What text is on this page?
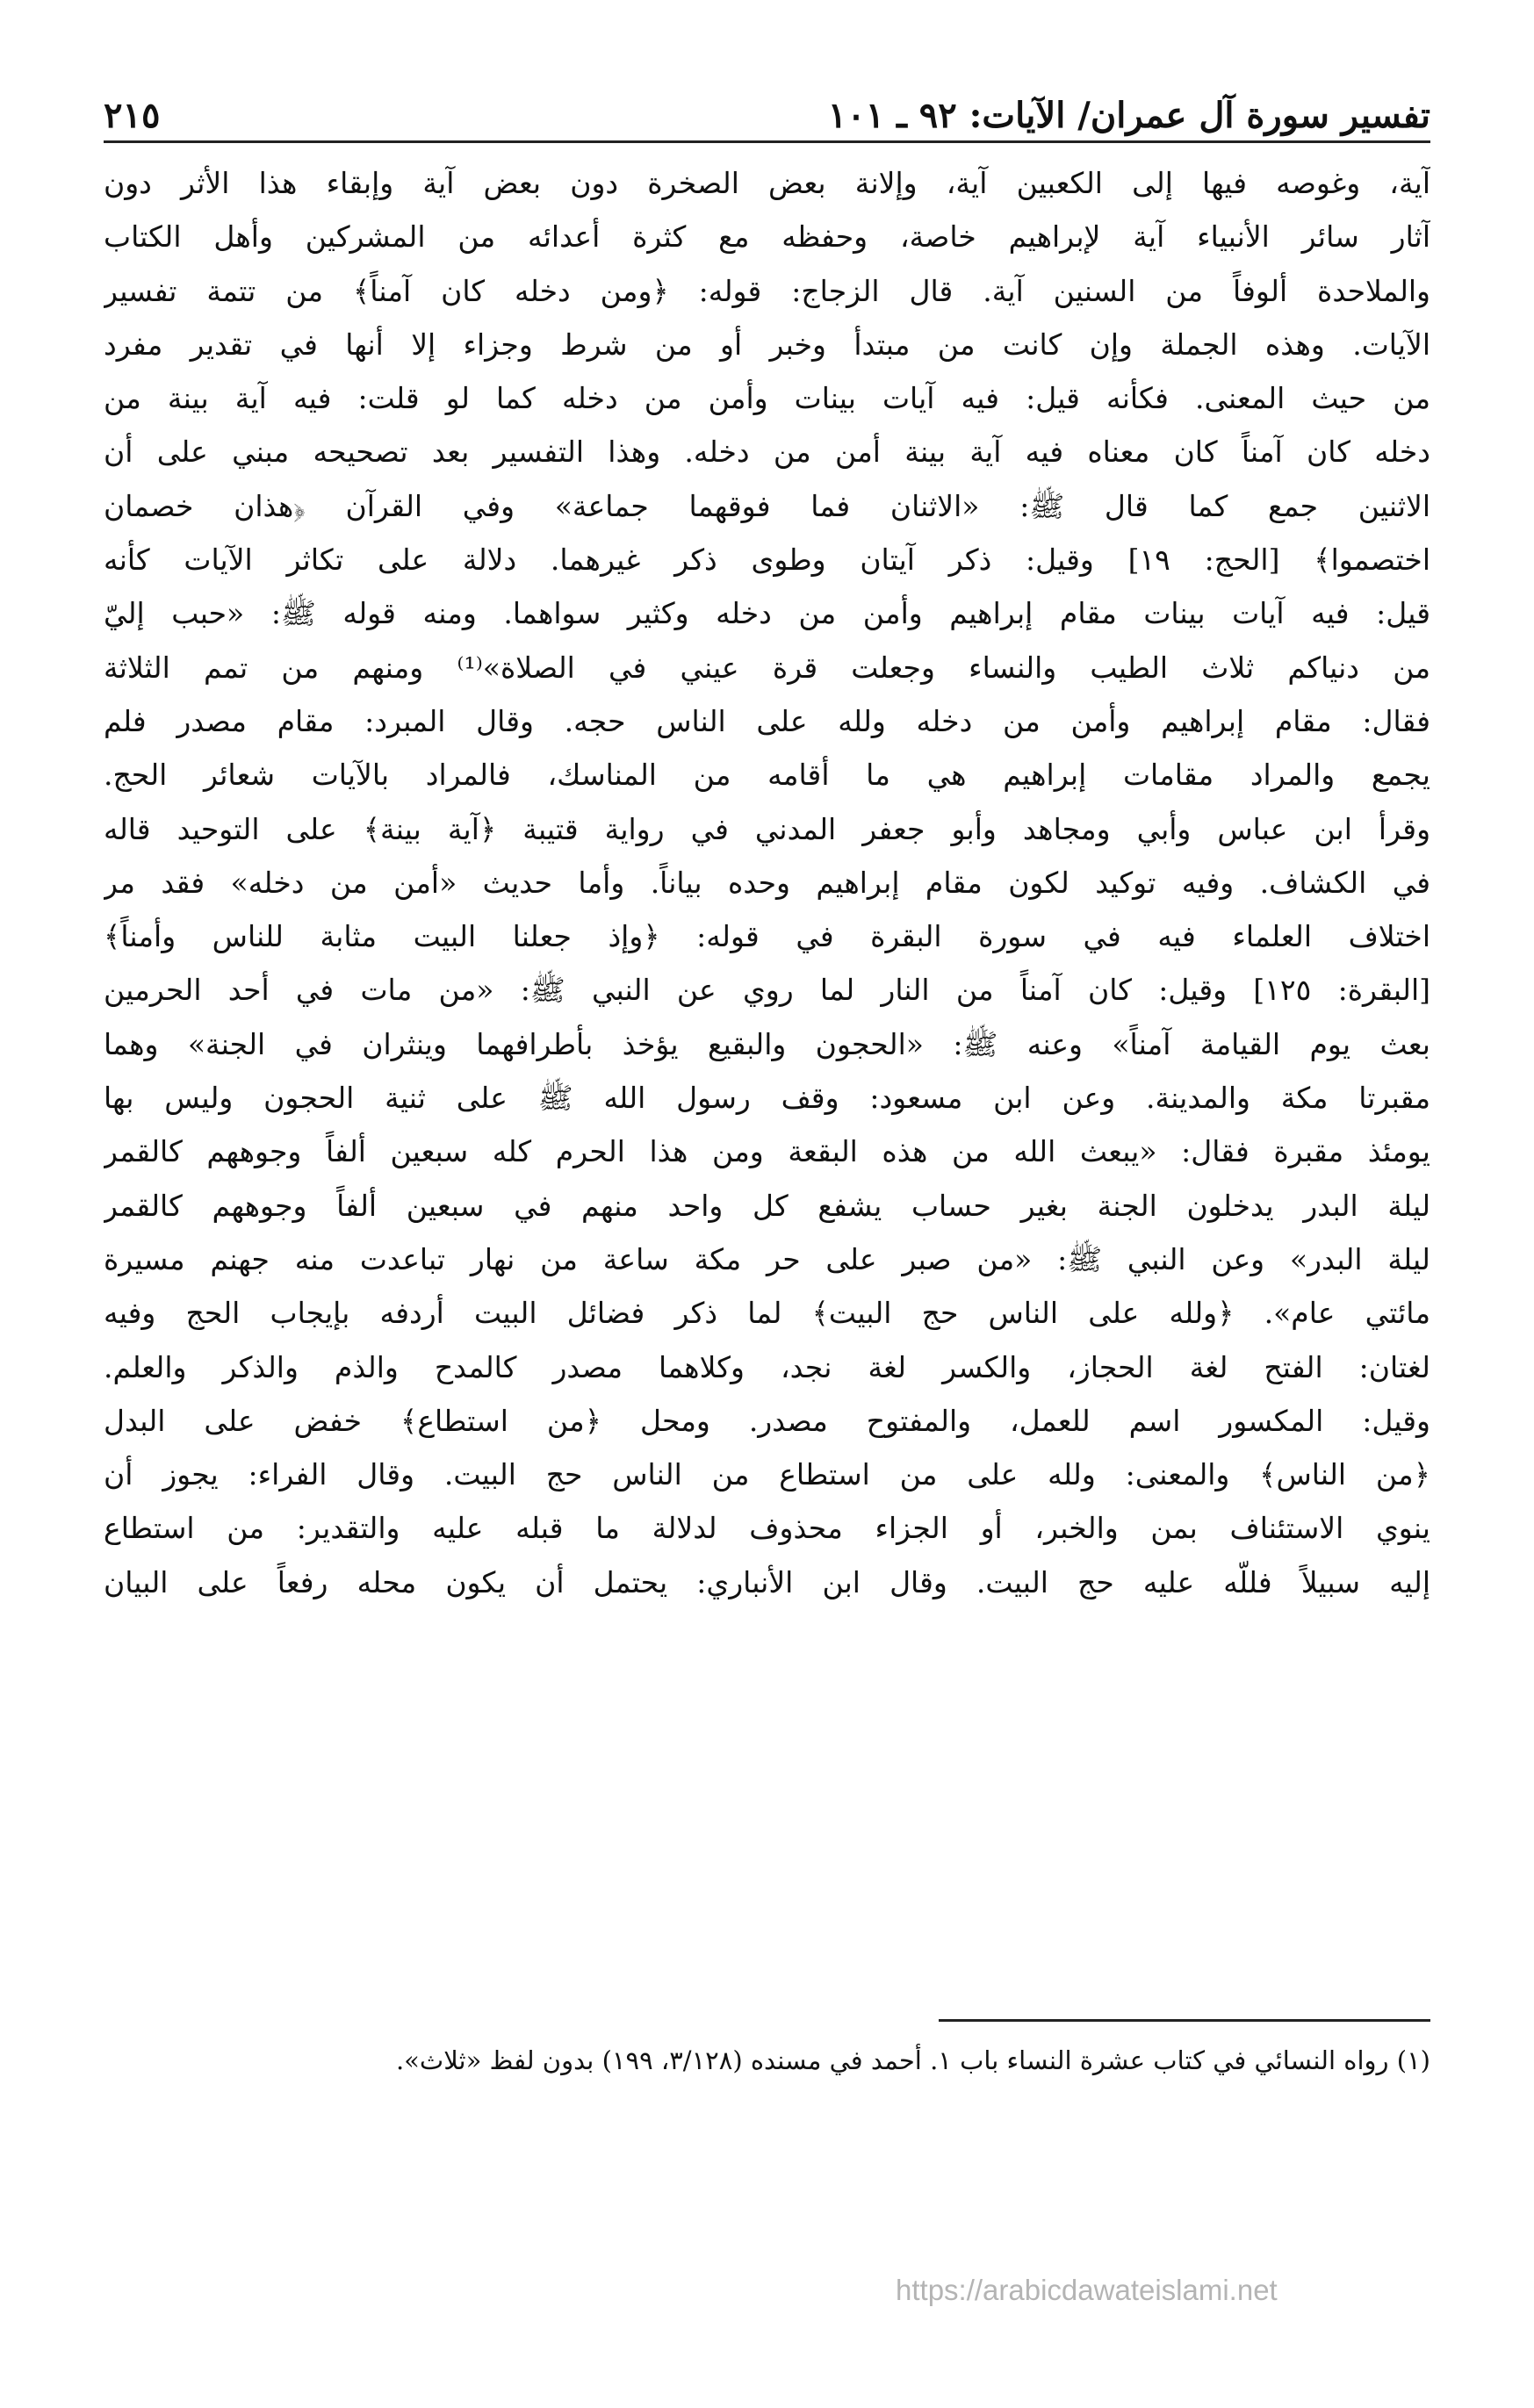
تفسير سورة آل عمران/ الآيات: ٩٢ ـ ١٠١
٢١٥
آية، وغوصه فيها إلى الكعبين آية، وإلانة بعض الصخرة دون بعض آية وإبقاء هذا الأثر دون
آثار سائر الأنبياء آية لإبراهيم خاصة، وحفظه مع كثرة أعدائه من المشركين وأهل الكتاب
والملاحدة ألوفاً من السنين آية. قال الزجاج: قوله: ﴿ومن دخله كان آمناً﴾ من تتمة تفسير
الآيات. وهذه الجملة وإن كانت من مبتدأ وخبر أو من شرط وجزاء إلا أنها في تقدير مفرد
من حيث المعنى. فكأنه قيل: فيه آيات بينات وأمن من دخله كما لو قلت: فيه آية بينة من
دخله كان آمناً كان معناه فيه آية بينة أمن من دخله. وهذا التفسير بعد تصحيحه مبني على أن
الاثنين جمع كما قال ﷺ: «الاثنان فما فوقهما جماعة» وفي القرآن ﴿هذان خصمان
اختصموا﴾ [الحج: ١٩] وقيل: ذكر آيتان وطوى ذكر غيرهما. دلالة على تكاثر الآيات كأنه
قيل: فيه آيات بينات مقام إبراهيم وأمن من دخله وكثير سواهما. ومنه قوله ﷺ: «حبب إليّ
من دنياكم ثلاث الطيب والنساء وجعلت قرة عيني في الصلاة»⁽¹⁾ ومنهم من تمم الثلاثة
فقال: مقام إبراهيم وأمن من دخله ولله على الناس حجه. وقال المبرد: مقام مصدر فلم
يجمع والمراد مقامات إبراهيم هي ما أقامه من المناسك، فالمراد بالآيات شعائر الحج.
وقرأ ابن عباس وأبي ومجاهد وأبو جعفر المدني في رواية قتيبة ﴿آية بينة﴾ على التوحيد قاله
في الكشاف. وفيه توكيد لكون مقام إبراهيم وحده بياناً. وأما حديث «أمن من دخله» فقد مر
اختلاف العلماء فيه في سورة البقرة في قوله: ﴿وإذ جعلنا البيت مثابة للناس وأمناً﴾
[البقرة: ١٢٥] وقيل: كان آمناً من النار لما روي عن النبي ﷺ: «من مات في أحد الحرمين
بعث يوم القيامة آمناً» وعنه ﷺ: «الحجون والبقيع يؤخذ بأطرافهما وينثران في الجنة» وهما
مقبرتا مكة والمدينة. وعن ابن مسعود: وقف رسول الله ﷺ على ثنية الحجون وليس بها
يومئذ مقبرة فقال: «يبعث الله من هذه البقعة ومن هذا الحرم كله سبعين ألفاً وجوههم كالقمر
ليلة البدر يدخلون الجنة بغير حساب يشفع كل واحد منهم في سبعين ألفاً وجوههم كالقمر
ليلة البدر» وعن النبي ﷺ: «من صبر على حر مكة ساعة من نهار تباعدت منه جهنم مسيرة
مائتي عام». ﴿ولله على الناس حج البيت﴾ لما ذكر فضائل البيت أردفه بإيجاب الحج وفيه
لغتان: الفتح لغة الحجاز، والكسر لغة نجد، وكلاهما مصدر كالمدح والذم والذكر والعلم.
وقيل: المكسور اسم للعمل، والمفتوح مصدر. ومحل ﴿من استطاع﴾ خفض على البدل
﴿من الناس﴾ والمعنى: ولله على من استطاع من الناس حج البيت. وقال الفراء: يجوز أن
ينوي الاستئناف بمن والخبر، أو الجزاء محذوف لدلالة ما قبله عليه والتقدير: من استطاع
إليه سبيلاً فللّه عليه حج البيت. وقال ابن الأنباري: يحتمل أن يكون محله رفعاً على البيان
(١) رواه النسائي في كتاب عشرة النساء باب ١. أحمد في مسنده (٣/١٢٨، ١٩٩) بدون لفظ «ثلاث».
https://arabicdawateislami.net
